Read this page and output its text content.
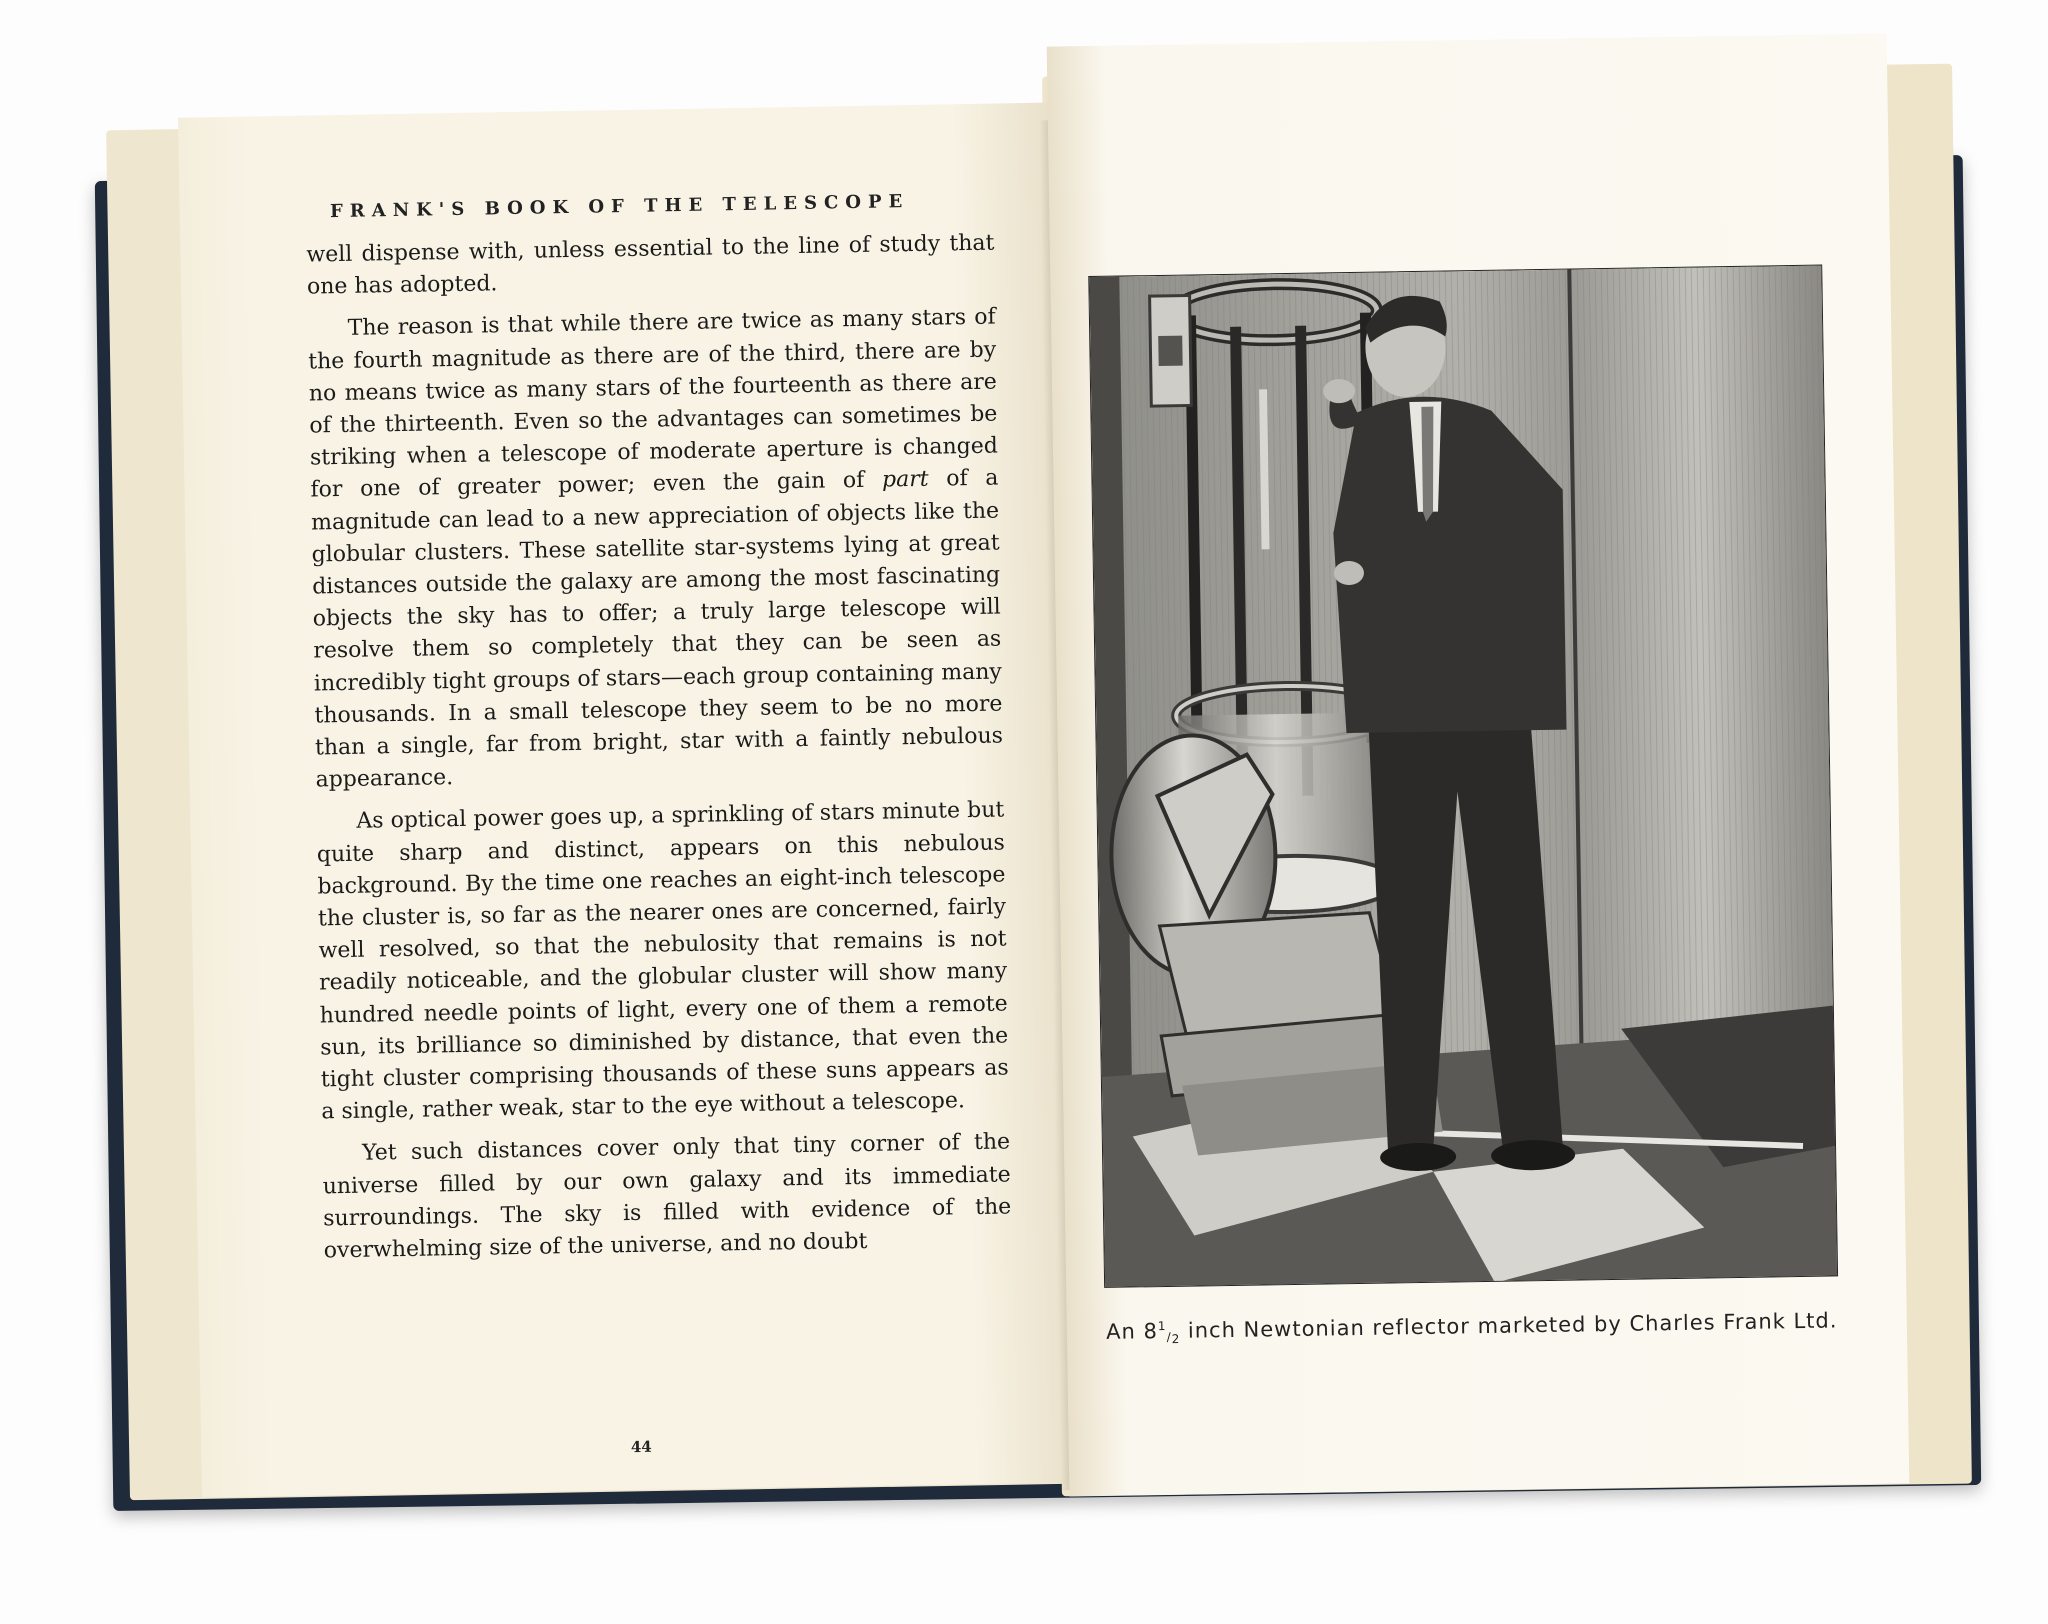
FRANK'S BOOK OF THE TELESCOPE

well dispense with, unless essential to the line of study that one has adopted.

The reason is that while there are twice as many stars of the fourth magnitude as there are of the third, there are by no means twice as many stars of the fourteenth as there are of the thirteenth. Even so the advantages can sometimes be striking when a telescope of moderate aperture is changed for one of greater power; even the gain of part of a magnitude can lead to a new appreciation of objects like the globular clusters. These satellite star-systems lying at great distances outside the galaxy are among the most fascinating objects the sky has to offer; a truly large telescope will resolve them so completely that they can be seen as incredibly tight groups of stars—each group containing many thousands. In a small telescope they seem to be no more than a single, far from bright, star with a faintly nebulous appearance.

As optical power goes up, a sprinkling of stars minute but quite sharp and distinct, appears on this nebulous background. By the time one reaches an eight-inch telescope the cluster is, so far as the nearer ones are concerned, fairly well resolved, so that the nebulosity that remains is not readily noticeable, and the globular cluster will show many hundred needle points of light, every one of them a remote sun, its brilliance so diminished by distance, that even the tight cluster comprising thousands of these suns appears as a single, rather weak, star to the eye without a telescope.

Yet such distances cover only that tiny corner of the universe filled by our own galaxy and its immediate surroundings. The sky is filled with evidence of the overwhelming size of the universe, and no doubt

44
An $8^1/_2$ inch Newtonian reflector marketed by Charles Frank Ltd.
